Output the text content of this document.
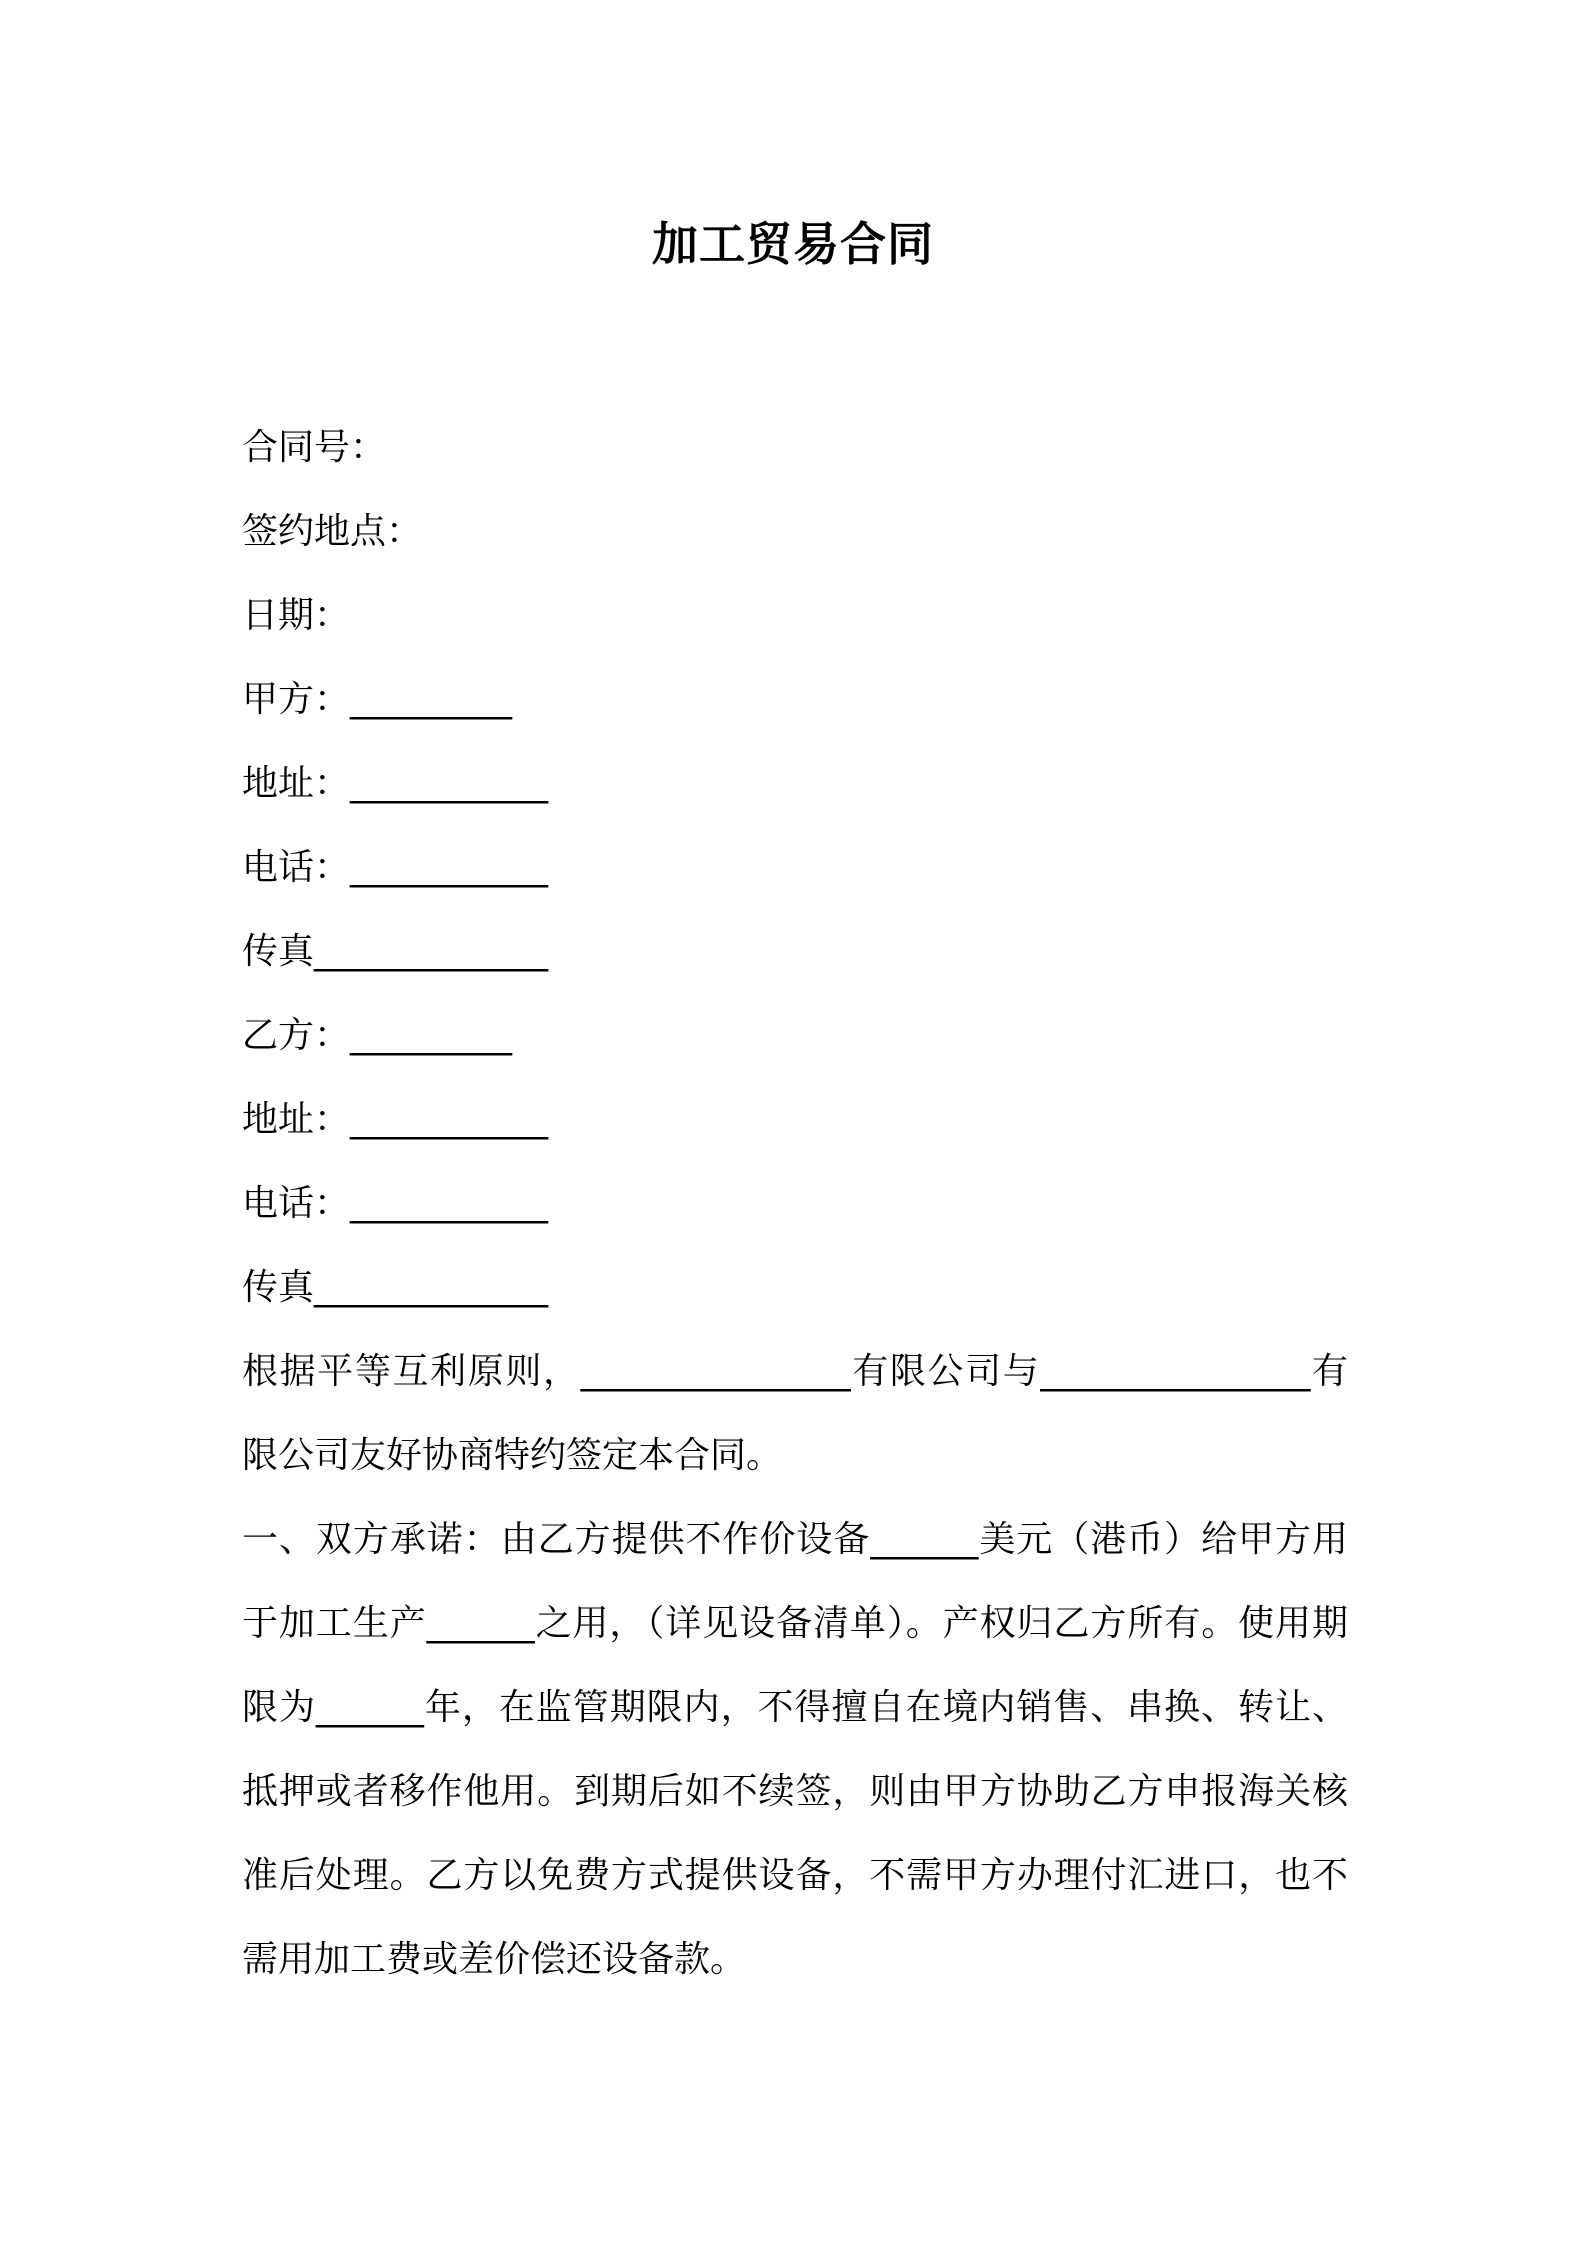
加工贸易合同
合同号：
签约地点：
日期：
甲方：_________
地址：___________
电话：___________
传真_____________
乙方：_________
地址：___________
电话：___________
传真_____________
根据平等互利原则，_______________有限公司与_______________有限公司友好协商特约签定本合同。
一、双方承诺：由乙方提供不作价设备______美元（港币）给甲方用于加工生产______之用，（详见设备清单）。产权归乙方所有。使用期限为______年，在监管期限内，不得擅自在境内销售、串换、转让、抵押或者移作他用。到期后如不续签，则由甲方协助乙方申报海关核准后处理。乙方以免费方式提供设备，不需甲方办理付汇进口，也不需用加工费或差价偿还设备款。
